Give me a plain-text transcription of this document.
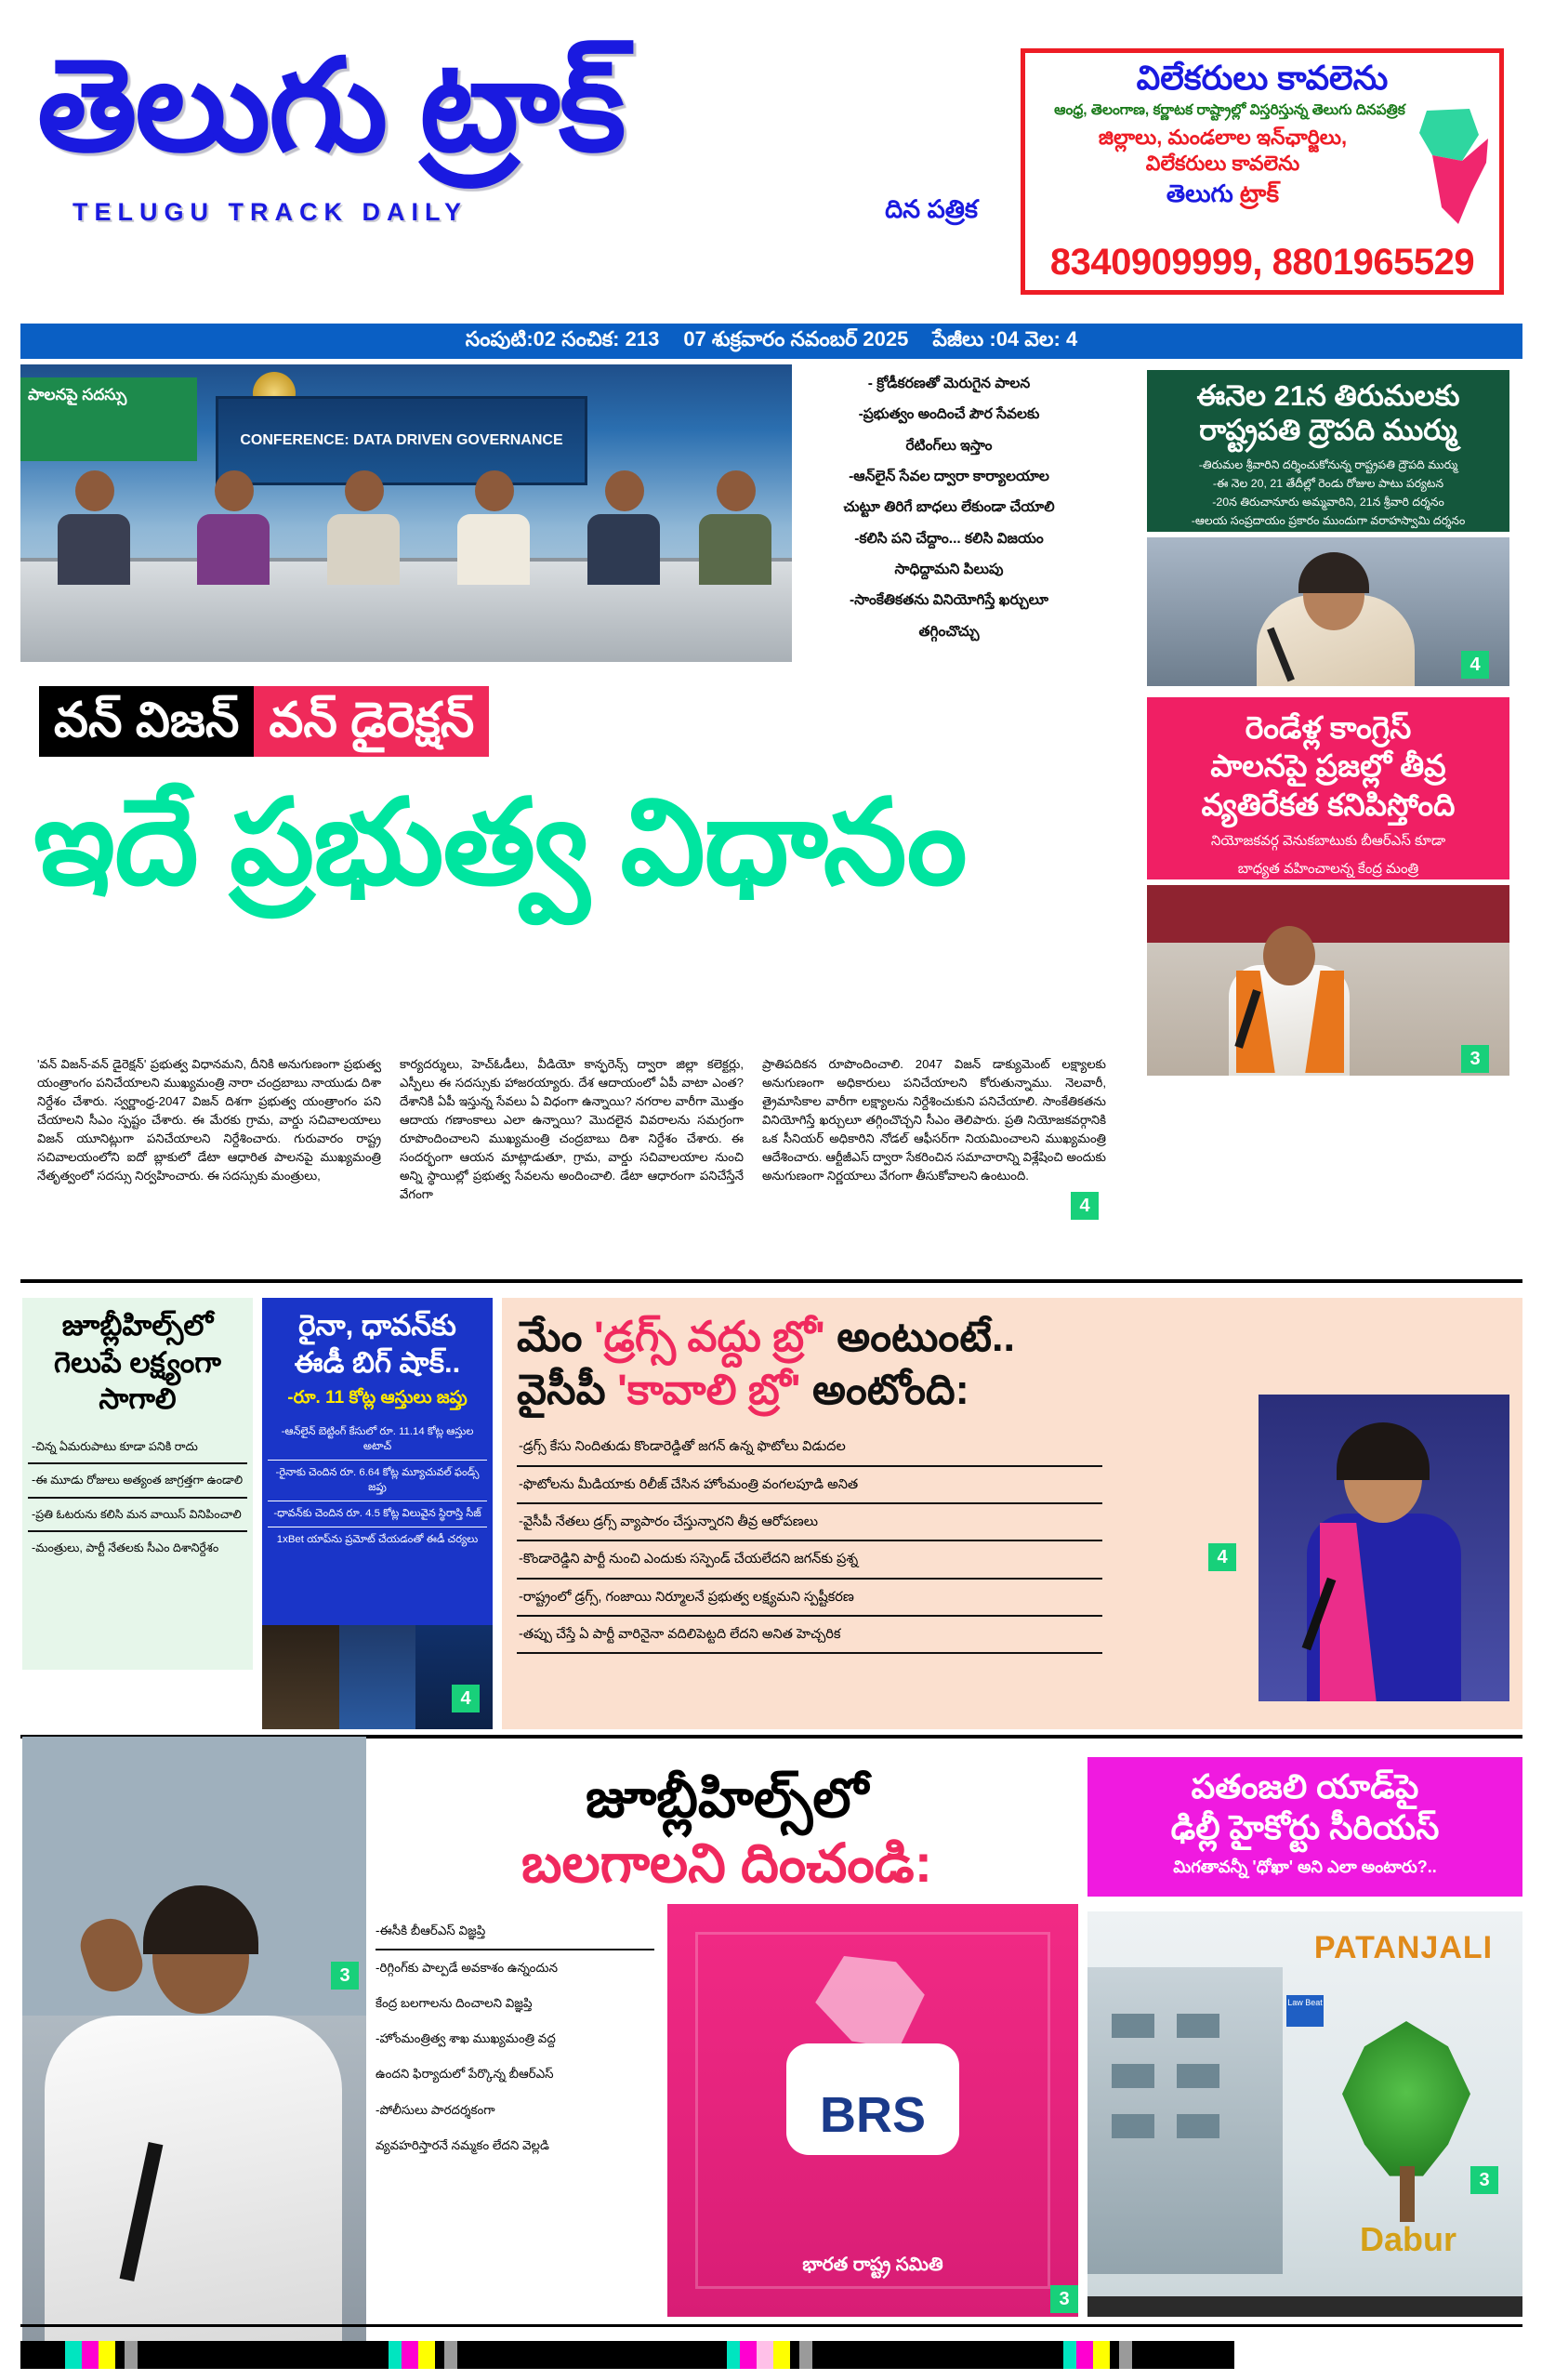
తెలుగు ట్రాక్
TELUGU TRACK DAILY	దిన పత్రిక
విలేకరులు కావలెను
ఆంధ్ర, తెలంగాణ, కర్ణాటక రాష్ట్రాల్లో విస్తరిస్తున్న తెలుగు దినపత్రిక
జిల్లాలు, మండలాల ఇన్‌ఛార్జిలు,
విలేకరులు కావలెను
తెలుగు ట్రాక్
8340909999, 8801965529
సంపుటి:02 సంచిక: 213 07 శుక్రవారం నవంబర్ 2025 పేజీలు :04 వెల: 4
పాలనపై సదస్సు
CONFERENCE: DATA DRIVEN GOVERNANCE
- క్రోడీకరణతో మెరుగైన పాలన
-ప్రభుత్వం అందించే పౌర సేవలకు
రేటింగ్‌లు ఇస్తాం
-ఆన్‌లైన్ సేవల ద్వారా కార్యాలయాల
చుట్టూ తిరిగే బాధలు లేకుండా చేయాలి
-కలిసి పని చేద్దాం... కలిసి విజయం
సాధిద్దామని పిలుపు
-సాంకేతికతను వినియోగిస్తే ఖర్చులూ
తగ్గించొచ్చు
ఈనెల 21న తిరుమలకు
రాష్ట్రపతి ద్రౌపది ముర్ము
-తిరుమల శ్రీవారిని దర్శించుకోనున్న రాష్ట్రపతి ద్రౌపది ముర్ము
-ఈ నెల 20, 21 తేదీల్లో రెండు రోజుల పాటు పర్యటన
-20న తిరుచానూరు అమ్మవారిని, 21న శ్రీవారి దర్శనం
-ఆలయ సంప్రదాయం ప్రకారం ముందుగా వరాహస్వామి దర్శనం
4
వన్ విజన్ వన్ డైరెక్షన్
ఇదే ప్రభుత్వ విధానం
రెండేళ్ల కాంగ్రెస్
పాలనపై ప్రజల్లో తీవ్ర
వ్యతిరేకత కనిపిస్తోంది
నియోజకవర్గ వెనుకబాటుకు బీఆర్ఎస్ కూడా
బాధ్యత వహించాలన్న కేంద్ర మంత్రి
3

'వన్ విజన్-వన్ డైరెక్షన్' ప్రభుత్వ విధానమని, దీనికి అనుగుణంగా ప్రభుత్వ యంత్రాంగం పనిచేయాలని ముఖ్యమంత్రి నారా చంద్రబాబు నాయుడు దిశా నిర్దేశం చేశారు. స్వర్ణాంధ్ర-2047 విజన్ దిశగా ప్రభుత్వ యంత్రాంగం పని చేయాలని సీఎం స్పష్టం చేశారు. ఈ మేరకు గ్రామ, వార్డు సచివాలయాలు విజన్ యూనిట్లుగా పనిచేయాలని నిర్దేశించారు. గురువారం రాష్ట్ర సచివాలయంలోని ఐదో బ్లాకులో డేటా ఆధారిత పాలనపై ముఖ్యమంత్రి నేతృత్వంలో సదస్సు నిర్వహించారు. ఈ సదస్సుకు మంత్రులు,

కార్యదర్శులు, హెచ్‌ఓడీలు, వీడియో కాన్ఫరెన్స్ ద్వారా జిల్లా కలెక్టర్లు, ఎస్పీలు ఈ సదస్సుకు హాజరయ్యారు. దేశ ఆదాయంలో ఏపీ వాటా ఎంత? దేశానికి ఏపీ ఇస్తున్న సేవలు ఏ విధంగా ఉన్నాయి? నగరాల వారీగా మొత్తం ఆదాయ గణాంకాలు ఎలా ఉన్నాయి? మొదలైన వివరాలను సమగ్రంగా రూపొందించాలని ముఖ్యమంత్రి చంద్రబాబు దిశా నిర్దేశం చేశారు. ఈ సందర్భంగా ఆయన మాట్లాడుతూ, గ్రామ, వార్డు సచివాలయాల నుంచి అన్ని స్థాయిల్లో ప్రభుత్వ సేవలను అందించాలి. డేటా ఆధారంగా పనిచేస్తేనే వేగంగా

ప్రాతిపదికన రూపొందించాలి. 2047 విజన్ డాక్యుమెంట్ లక్ష్యాలకు అనుగుణంగా అధికారులు పనిచేయాలని కోరుతున్నాము. నెలవారీ, త్రైమాసికాల వారీగా లక్ష్యాలను నిర్దేశించుకుని పనిచేయాలి. సాంకేతికతను వినియోగిస్తే ఖర్చులూ తగ్గించొచ్చని సీఎం తెలిపారు. ప్రతి నియోజకవర్గానికి ఒక సీనియర్ అధికారిని నోడల్ ఆఫీసర్‌గా నియమించాలని ముఖ్యమంత్రి ఆదేశించారు. ఆర్టీజీఎస్ ద్వారా సేకరించిన సమాచారాన్ని విశ్లేషించి అందుకు అనుగుణంగా నిర్ణయాలు వేగంగా తీసుకోవాలని ఉంటుంది.

4
జూబ్లీహిల్స్‌లో
గెలుపే లక్ష్యంగా
సాగాలి
-చిన్న ఏమరుపాటు కూడా పనికి రాదు
-ఈ మూడు రోజులు అత్యంత జాగ్రత్తగా ఉండాలి
-ప్రతి ఓటరును కలిసి మన వాయిస్ వినిపించాలి
-మంత్రులు, పార్టీ నేతలకు సీఎం దిశానిర్దేశం
రైనా, ధావన్‌కు
ఈడీ బిగ్ షాక్..
-రూ. 11 కోట్ల ఆస్తులు జప్తు
-ఆన్‌లైన్ బెట్టింగ్ కేసులో రూ. 11.14 కోట్ల ఆస్తుల అటాచ్
-రైనాకు చెందిన రూ. 6.64 కోట్ల మ్యూచువల్ ఫండ్స్ జప్తు
-ధావన్‌కు చెందిన రూ. 4.5 కోట్ల విలువైన స్థిరాస్తి సీజ్
1xBet యాప్‌ను ప్రమోట్ చేయడంతో ఈడీ చర్యలు
4
మేం 'డ్రగ్స్ వద్దు బ్రో' అంటుంటే..
వైసీపీ 'కావాలి బ్రో' అంటోంది:
-డ్రగ్స్ కేసు నిందితుడు కొండారెడ్డితో జగన్ ఉన్న ఫొటోలు విడుదల
-ఫొటోలను మీడియాకు రిలీజ్ చేసిన హోంమంత్రి వంగలపూడి అనిత
-వైసీపీ నేతలు డ్రగ్స్ వ్యాపారం చేస్తున్నారని తీవ్ర ఆరోపణలు
-కొండారెడ్డిని పార్టీ నుంచి ఎందుకు సస్పెండ్ చేయలేదని జగన్‌కు ప్రశ్న
-రాష్ట్రంలో డ్రగ్స్, గంజాయి నిర్మూలనే ప్రభుత్వ లక్ష్యమని స్పష్టీకరణ
-తప్పు చేస్తే ఏ పార్టీ వారినైనా వదిలిపెట్టది లేదని అనిత హెచ్చరిక
4
3
జూబ్లీహిల్స్‌లో
బలగాలని దించండి:
-ఈసీకి బీఆర్ఎస్ విజ్ఞప్తి
-రిగ్గింగ్‌కు పాల్పడే అవకాశం ఉన్నందున
కేంద్ర బలగాలను దించాలని విజ్ఞప్తి
-హోంమంత్రిత్వ శాఖ ముఖ్యమంత్రి వద్ద
ఉందని ఫిర్యాదులో పేర్కొన్న బీఆర్ఎస్
-పోలీసులు పారదర్శకంగా
వ్యవహరిస్తారనే నమ్మకం లేదని వెల్లడి
BRS
భారత రాష్ట్ర సమితి
3
పతంజలి యాడ్‌పై
ఢిల్లీ హైకోర్టు సీరియస్
మిగతావన్నీ 'ధోఖా' అని ఎలా అంటారు?..
Law Beat
PATANJALI
Dabur
3
